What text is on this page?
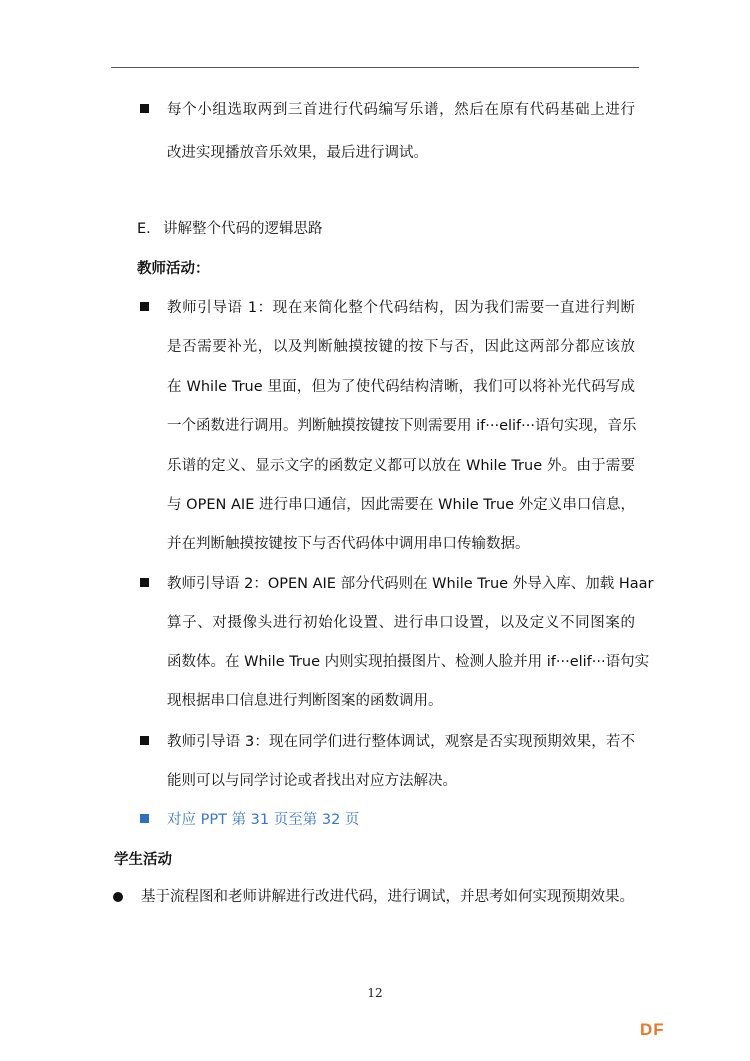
每个小组选取两到三首进行代码编写乐谱，然后在原有代码基础上进行
改进实现播放音乐效果，最后进行调试。
E. 讲解整个代码的逻辑思路
教师活动：
教师引导语 1：现在来简化整个代码结构，因为我们需要一直进行判断
是否需要补光，以及判断触摸按键的按下与否，因此这两部分都应该放
在 While True 里面，但为了使代码结构清晰，我们可以将补光代码写成
一个函数进行调用。判断触摸按键按下则需要用 if···elif···语句实现，音乐
乐谱的定义、显示文字的函数定义都可以放在 While True 外。由于需要
与 OPEN AIE 进行串口通信，因此需要在 While True 外定义串口信息，
并在判断触摸按键按下与否代码体中调用串口传输数据。
教师引导语 2：OPEN AIE 部分代码则在 While True 外导入库、加载 Haar
算子、对摄像头进行初始化设置、进行串口设置，以及定义不同图案的
函数体。在 While True 内则实现拍摄图片、检测人脸并用 if···elif···语句实
现根据串口信息进行判断图案的函数调用。
教师引导语 3：现在同学们进行整体调试，观察是否实现预期效果，若不
能则可以与同学讨论或者找出对应方法解决。
对应 PPT 第 31 页至第 32 页
学生活动
基于流程图和老师讲解进行改进代码，进行调试，并思考如何实现预期效果。
12
DF
